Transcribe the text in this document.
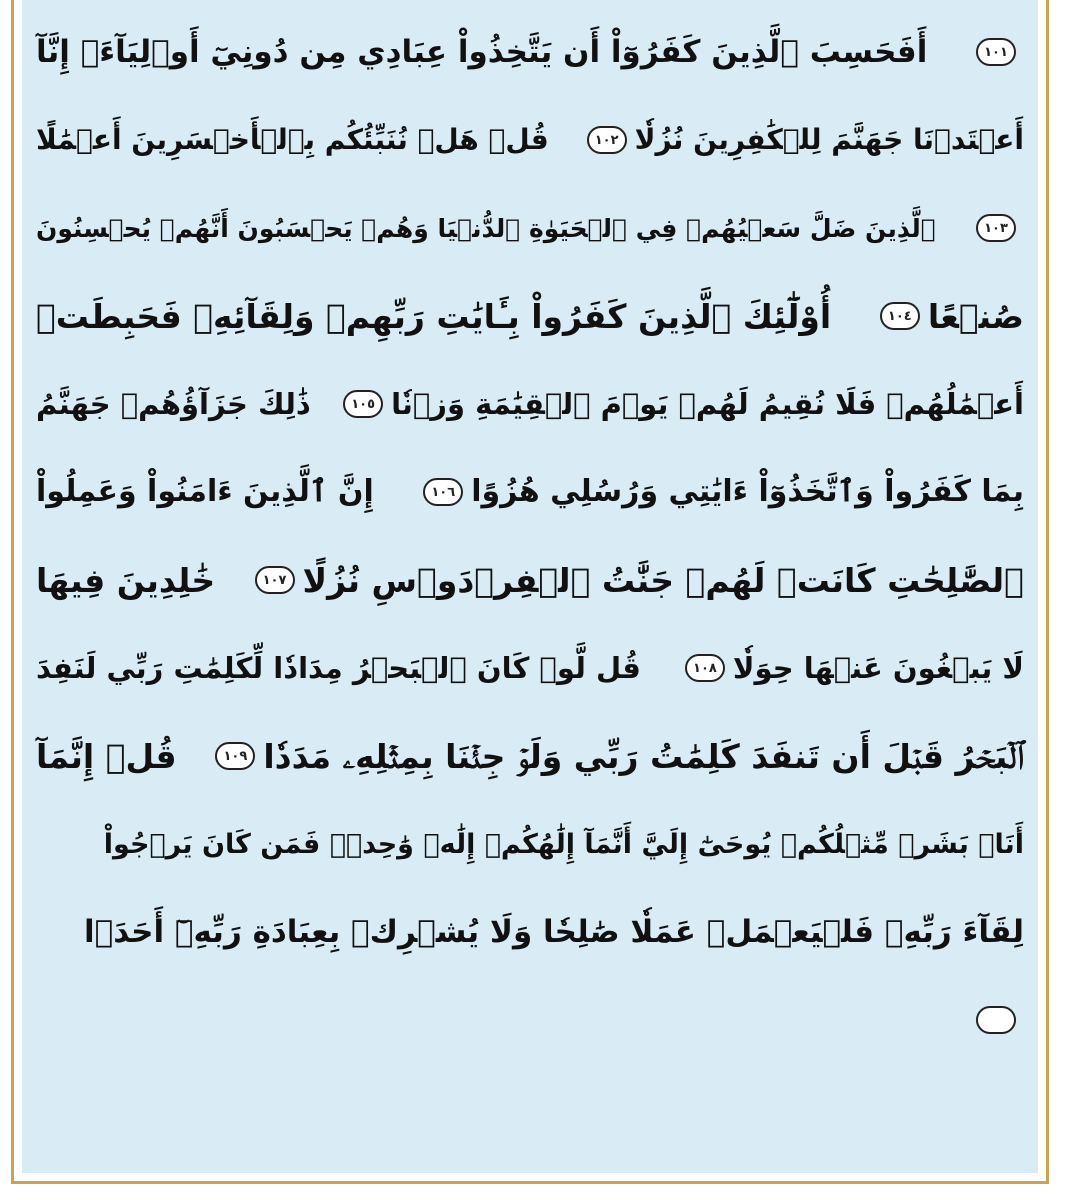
١٠١
أَفَحَسِبَ ٱلَّذِينَ كَفَرُوٓاْ أَن يَتَّخِذُواْ عِبَادِي مِن دُونِيٓ أَوۡلِيَآءَۚ إِنَّآ
أَعۡتَدۡنَا جَهَنَّمَ لِلۡكَٰفِرِينَ نُزُلٗا
١٠٢
قُلۡ هَلۡ نُنَبِّئُكُم بِٱلۡأَخۡسَرِينَ أَعۡمَٰلًا
١٠٣
ٱلَّذِينَ ضَلَّ سَعۡيُهُمۡ فِي ٱلۡحَيَوٰةِ ٱلدُّنۡيَا وَهُمۡ يَحۡسَبُونَ أَنَّهُمۡ يُحۡسِنُونَ
صُنۡعًا
١٠٤
أُوْلَٰٓئِكَ ٱلَّذِينَ كَفَرُواْ بِـَٔايَٰتِ رَبِّهِمۡ وَلِقَآئِهِۦ فَحَبِطَتۡ
أَعۡمَٰلُهُمۡ فَلَا نُقِيمُ لَهُمۡ يَوۡمَ ٱلۡقِيَٰمَةِ وَزۡنٗا
١٠٥
ذَٰلِكَ جَزَآؤُهُمۡ جَهَنَّمُ
بِمَا كَفَرُواْ وَٱتَّخَذُوٓاْ ءَايَٰتِي وَرُسُلِي هُزُوًا
١٠٦
إِنَّ ٱلَّذِينَ ءَامَنُواْ وَعَمِلُواْ
ٱلصَّٰلِحَٰتِ كَانَتۡ لَهُمۡ جَنَّٰتُ ٱلۡفِرۡدَوۡسِ نُزُلًا
١٠٧
خَٰلِدِينَ فِيهَا
لَا يَبۡغُونَ عَنۡهَا حِوَلٗا
١٠٨
قُل لَّوۡ كَانَ ٱلۡبَحۡرُ مِدَادٗا لِّكَلِمَٰتِ رَبِّي لَنَفِدَ
ٱلۡبَحۡرُ قَبۡلَ أَن تَنفَدَ كَلِمَٰتُ رَبِّي وَلَوۡ جِئۡنَا بِمِثۡلِهِۦ مَدَدٗا
١٠٩
قُلۡ إِنَّمَآ
أَنَا۠ بَشَرٞ مِّثۡلُكُمۡ يُوحَىٰٓ إِلَيَّ أَنَّمَآ إِلَٰهُكُمۡ إِلَٰهٞ وَٰحِدٞۖ فَمَن كَانَ يَرۡجُواْ
لِقَآءَ رَبِّهِۦ فَلۡيَعۡمَلۡ عَمَلٗا صَٰلِحٗا وَلَا يُشۡرِكۡ بِعِبَادَةِ رَبِّهِۦٓ أَحَدَۢا
